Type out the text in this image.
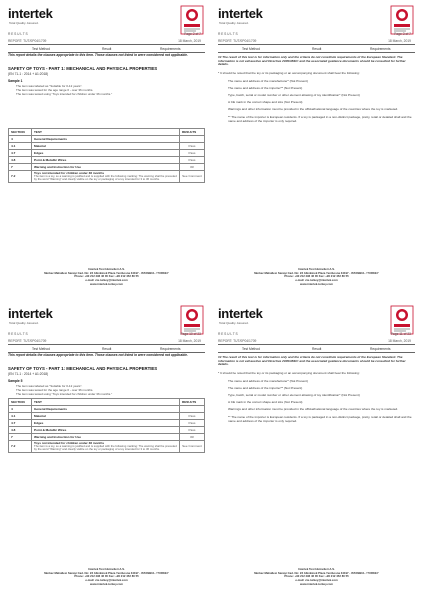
intertek
Total Quality. Assured.
RESULTS	Page 2 of 7
REPORT: TUT/0P04/1709	18 March, 2019
Test Method	Result	Requirements
This report details the clauses appropriate to this item. Those clauses not listed in were considered not applicable.
SAFETY OF TOYS - PART 1: MECHANICAL AND PHYSICAL PROPERTIES
(EN 71-1 : 2014 + A1:2018)
Sample 1
The item was labeled as "Suitable for 0-12 years".
The item was tested for the age range 0 - over 36 months.
The item was tested using "Toys intended for children under 36 months."
SECTION	TEST	RESULTS
4	General Requirements	
4.1	Material	Pass
4.7	Edges	Pass
4.8	Point & Metallic Wires	Pass
7	Warning and Instruction for Use	##
7.2	Toys not intended for children under 36 months
The item is a toy, so a warning is justified and is supplied with the following marking: The warning shall be preceded by the word "Warning" and clearly visible on the toy or packaging of a toy intended for 3 to 36 months.	See Comment
Intertek Test Hizmetleri A.S.
Merkez Mahallesi Sanayi Cad. No: 23 Altınkürek Plaza Yenibosna 34197 - ISTANBUL / TURKEY
Phone: +90 212 496 46 00 Fax: +90 212 452 80 55
e-mail: cte.turkey@intertek.com
www.intertek-turkey.com
intertek
Total Quality. Assured.
RESULTS	Page 3 of 7
REPORT: TUT/0P04/1709	18 March, 2019
Test Method	Result	Requirements
## The result of this test is for information only and the criteria do not constitute requirements of the European Standard. The information is not exhaustive and Directive 2009/48/EC and the associated guidance documents should be consulted for further details.
* It should be noted that the toy or its packaging or an accompanying document shall bear the following:
The name and address of the manufacturer* (Not Present)
The name and address of the importer** (Not Present)
Type, batch, serial or model number or other element allowing of toy identification* (Not Present)
A CE mark in the correct shape and size (Not Present)
Warnings and other information must be provided in the official/national language of the countries where the toy is marketed.
** The name of the importer is European residents. If a toy is packaged in a non-distinct package, pretty, retail or detailed shall and the name and address of the importer is only required.
Intertek Test Hizmetleri A.S.
Merkez Mahallesi Sanayi Cad. No: 23 Altınkürek Plaza Yenibosna 34197 - ISTANBUL / TURKEY
Phone: +90 212 496 46 00 Fax: +90 212 452 80 55
e-mail: cte.turkey@intertek.com
www.intertek-turkey.com
intertek
Total Quality. Assured.
RESULTS	Page 10 of 23
REPORT: TUT/0P04/1709	18 March, 2019
Test Method	Result	Requirements
This report details the clauses appropriate to this item. Those clauses not listed in were considered not applicable.
SAFETY OF TOYS - PART 1: MECHANICAL AND PHYSICAL PROPERTIES
(EN 71-1 : 2014 + A1:2018)
Sample 5
The item was labeled as "Suitable for 0-12 years".
The item was tested for the age range 0 - over 36 months.
The item was tested using "Toys intended for children under 36 months."
SECTION	TEST	RESULTS
4	General Requirements	
4.1	Material	Pass
4.7	Edges	Pass
4.8	Point & Metallic Wires	Pass
7	Warning and Instruction for Use	##
7.2	Toys not intended for children under 36 months
The item is a toy, so a warning is justified and is supplied with the following marking: The warning shall be preceded by the word "Warning" and clearly visible on the toy or packaging of a toy intended for 3 to 36 months.	See Comment
Intertek Test Hizmetleri A.S.
Merkez Mahallesi Sanayi Cad. No: 23 Altınkürek Plaza Yenibosna 34197 - ISTANBUL / TURKEY
Phone: +90 212 496 46 00 Fax: +90 212 452 80 55
e-mail: cte.turkey@intertek.com
www.intertek-turkey.com
intertek
Total Quality. Assured.
RESULTS	Page 11 of 23
REPORT: TUT/0P04/1709	18 March, 2019
Test Method	Result	Requirements
## The result of this test is for information only and the criteria do not constitute requirements of the European Standard. The information is not exhaustive and Directive 2009/48/EC and the associated guidance documents should be consulted for further details.
* It should be noted that the toy or its packaging or an accompanying document shall bear the following:
The name and address of the manufacturer* (Not Present)
The name and address of the importer** (Not Present)
Type, batch, serial or model number or other element allowing of toy identification* (Not Present)
A CE mark in the correct shape and size (Not Present)
Warnings and other information must be provided in the official/national language of the countries where the toy is marketed.
** The name of the importer is European residents. If a toy is packaged in a non-distinct package, pretty, retail or detailed shall and the name and address of the importer is only required.
Intertek Test Hizmetleri A.S.
Merkez Mahallesi Sanayi Cad. No: 23 Altınkürek Plaza Yenibosna 34197 - ISTANBUL / TURKEY
Phone: +90 212 496 46 00 Fax: +90 212 452 80 55
e-mail: cte.turkey@intertek.com
www.intertek-turkey.com
